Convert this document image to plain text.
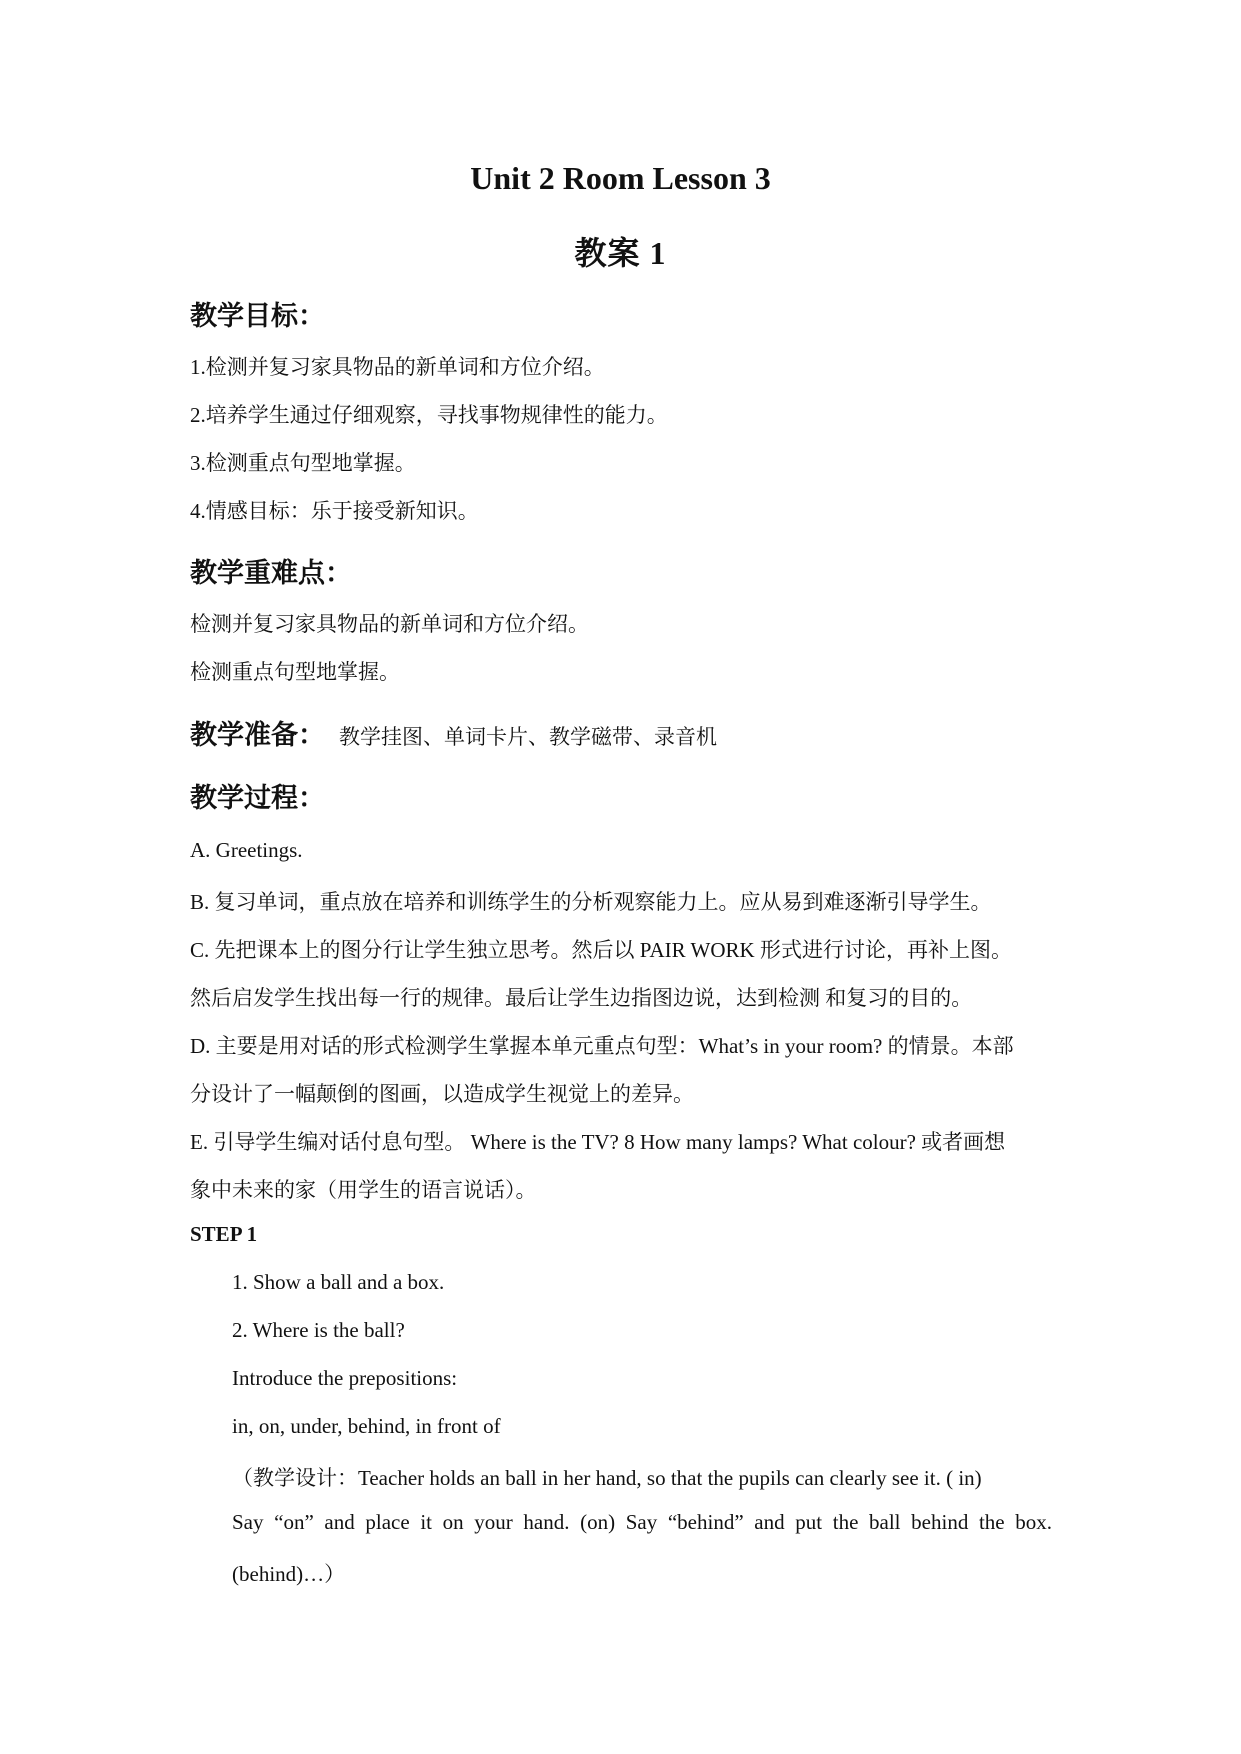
Unit 2 Room Lesson 3
教案 1
教学目标：
1.检测并复习家具物品的新单词和方位介绍。
2.培养学生通过仔细观察，寻找事物规律性的能力。
3.检测重点句型地掌握。
4.情感目标：乐于接受新知识。
教学重难点：
检测并复习家具物品的新单词和方位介绍。
检测重点句型地掌握。
教学准备： 教学挂图、单词卡片、教学磁带、录音机
教学过程：
A. Greetings.
B. 复习单词，重点放在培养和训练学生的分析观察能力上。应从易到难逐渐引导学生。
C. 先把课本上的图分行让学生独立思考。然后以 PAIR WORK 形式进行讨论，再补上图。
然后启发学生找出每一行的规律。最后让学生边指图边说，达到检测 和复习的目的。
D. 主要是用对话的形式检测学生掌握本单元重点句型：What’s in your room? 的情景。本部
分设计了一幅颠倒的图画，以造成学生视觉上的差异。
E. 引导学生编对话付息句型。 Where is the TV? 8 How many lamps? What colour? 或者画想
象中未来的家（用学生的语言说话）。
STEP 1
1. Show a ball and a box.
2. Where is the ball?
Introduce the prepositions:
in, on, under, behind, in front of
（教学设计：Teacher holds an ball in her hand, so that the pupils can clearly see it. ( in)
Say “on” and place it on your hand. (on) Say “behind” and put the ball behind the box.
(behind)…）
